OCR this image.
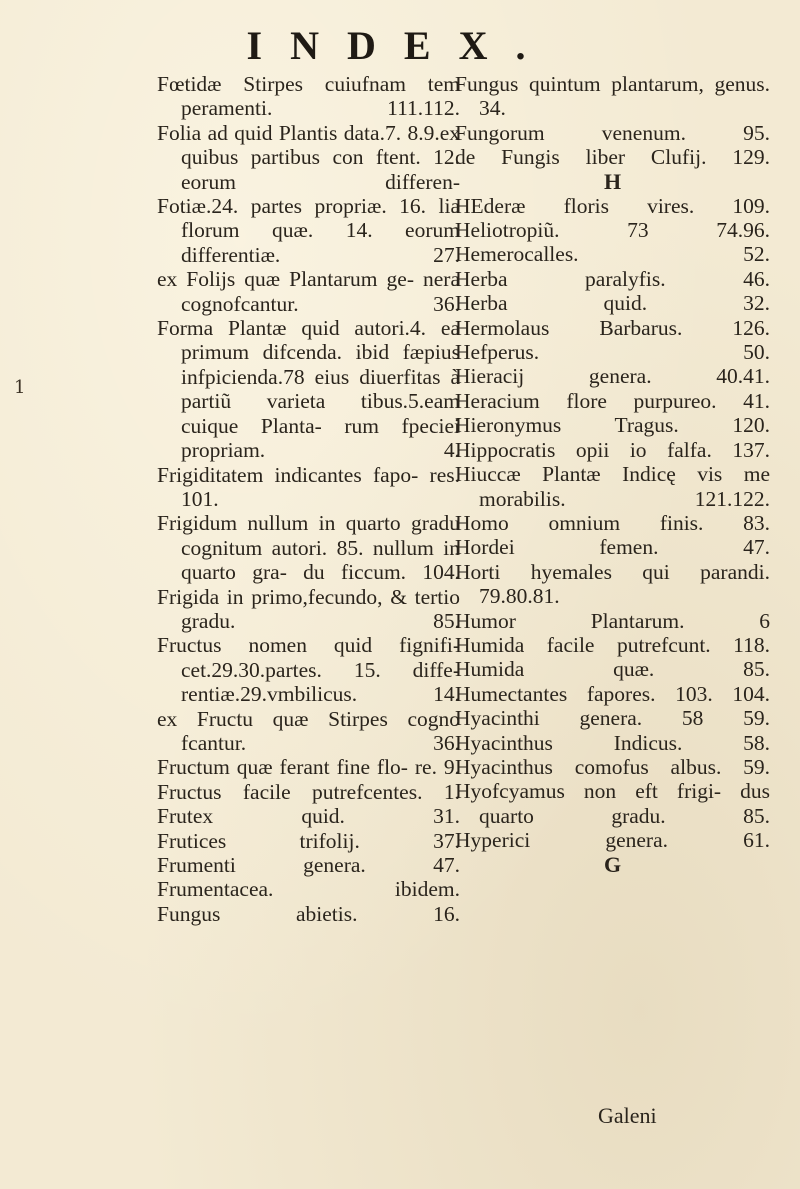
INDEX.
Fœtidæ Stirpes cuiufnam tem peramenti. 111.112.
Folia ad quid Plantis data.7. 8.9.ex quibus partibus con ftent. 12. eorum differen-
Fotiæ.24. partes propriæ. 16. lia florum quæ. 14. eorum differentiæ. 27.
ex Folijs quæ Plantarum ge- nera cognofcantur. 36.
Forma Plantæ quid autori.4. ea primum difcenda. ibid fæpius infpicienda.78 eius diuerfitas à partiũ varieta tibus.5.eam cuique Planta- rum fpeciei propriam. 4.
Frigiditatem indicantes fapo- res. 101.
Frigidum nullum in quarto gradu cognitum autori. 85. nullum in quarto gra- du ficcum. 104.
Frigida in primo,fecundo, & tertio gradu. 85.
Fructus nomen quid fignifi- cet.29.30.partes. 15. diffe- rentiæ.29.vmbilicus. 14.
ex Fructu quæ Stirpes cogno fcantur. 36.
Fructum quæ ferant fine flo- re. 9.
Fructus facile putrefcentes. 1.
Frutex quid. 31.
Frutices trifolij. 37.
Frumenti genera. 47.
Frumentacea. ibidem.
Fungus abietis. 16.
Fungus quintum plantarum, genus. 34.
Fungorum venenum. 95.
de Fungis liber Clufij. 129.
H
HEderæ floris vires. 109.
Heliotropiũ. 73 74.96.
Hemerocalles. 52.
Herba paralyfis. 46.
Herba quid. 32.
Hermolaus Barbarus. 126.
Hefperus. 50.
Hieracij genera. 40.41.
Heracium flore purpureo. 41.
Hieronymus Tragus. 120.
Hippocratis opii io falfa. 137.
Hiuccæ Plantæ Indicę vis me morabilis. 121.122.
Homo omnium finis. 83.
Hordei femen. 47.
Horti hyemales qui parandi. 79.80.81.
Humor Plantarum. 6
Humida facile putrefcunt. 118.
Humida quæ. 85.
Humectantes fapores. 103. 104.
Hyacinthi genera. 58 59.
Hyacinthus Indicus. 58.
Hyacinthus comofus albus. 59.
Hyofcyamus non eft frigi- dus quarto gradu. 85.
Hyperici genera. 61.
G
1
Galeni
